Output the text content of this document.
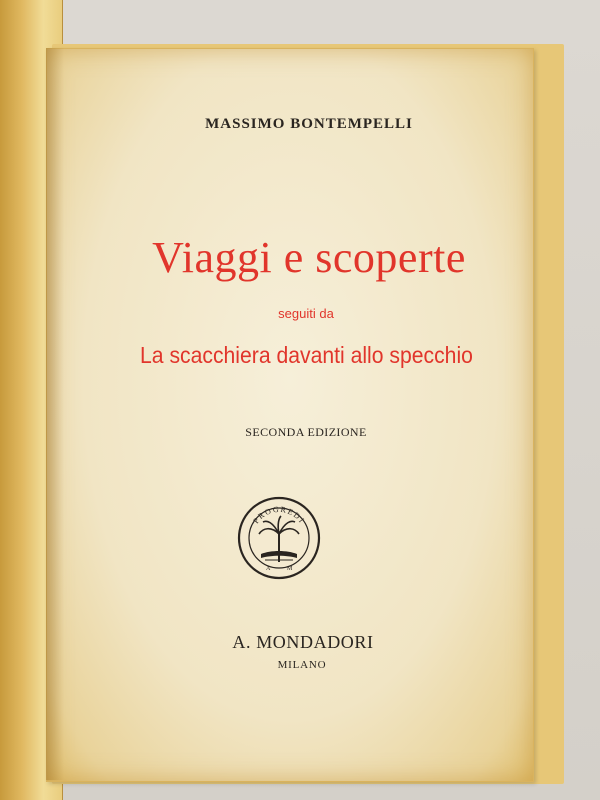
MASSIMO BONTEMPELLI
Viaggi e scoperte
seguiti da
La scacchiera davanti allo specchio
SECONDA EDIZIONE
PROGREDI
A	M
A. MONDADORI
MILANO
